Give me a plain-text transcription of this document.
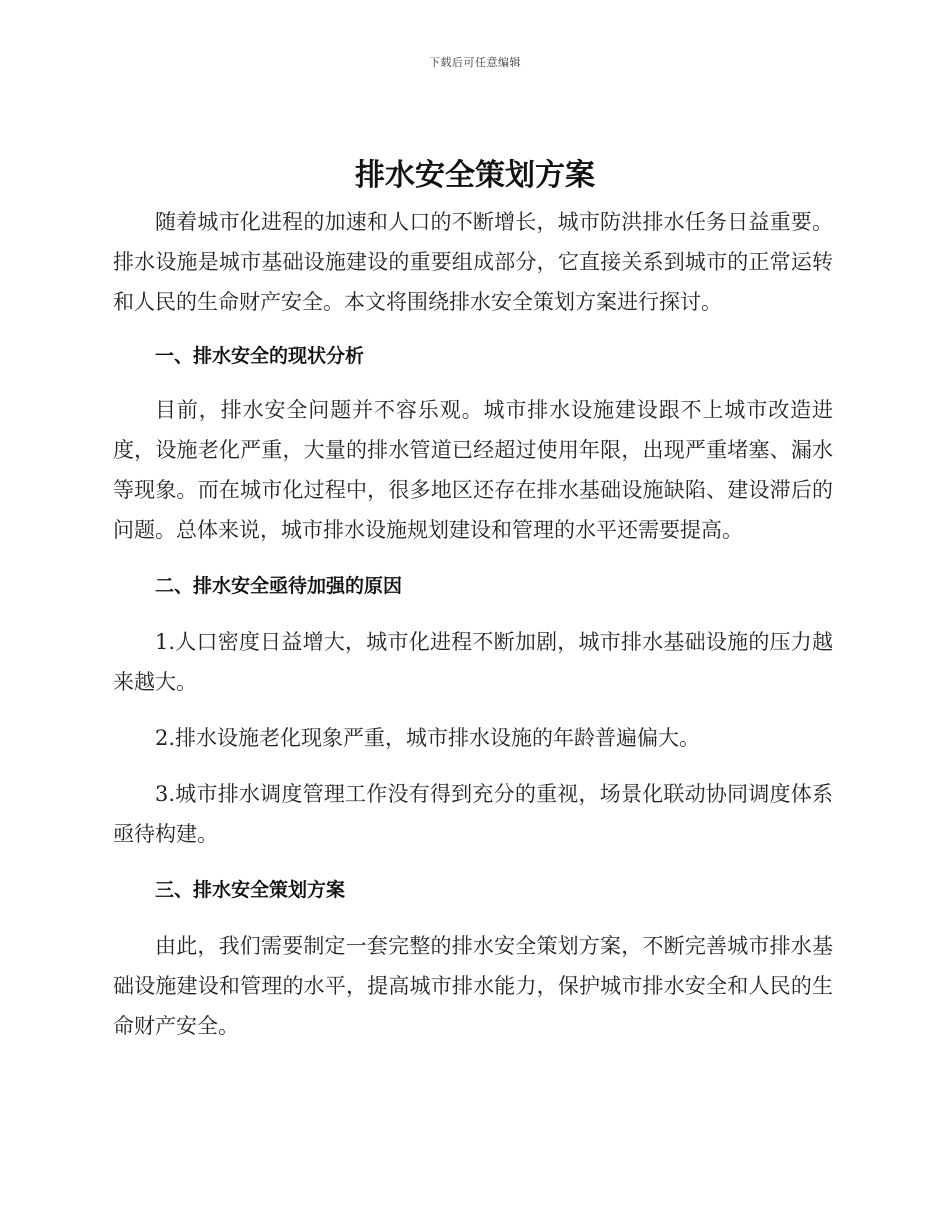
下载后可任意编辑
排水安全策划方案

随着城市化进程的加速和人口的不断增长，城市防洪排水任务日益重要。排水设施是城市基础设施建设的重要组成部分，它直接关系到城市的正常运转和人民的生命财产安全。本文将围绕排水安全策划方案进行探讨。

一、排水安全的现状分析

目前，排水安全问题并不容乐观。城市排水设施建设跟不上城市改造进度，设施老化严重，大量的排水管道已经超过使用年限，出现严重堵塞、漏水等现象。而在城市化过程中，很多地区还存在排水基础设施缺陷、建设滞后的问题。总体来说，城市排水设施规划建设和管理的水平还需要提高。

二、排水安全亟待加强的原因

1.人口密度日益增大，城市化进程不断加剧，城市排水基础设施的压力越来越大。

2.排水设施老化现象严重，城市排水设施的年龄普遍偏大。

3.城市排水调度管理工作没有得到充分的重视，场景化联动协同调度体系亟待构建。

三、排水安全策划方案

由此，我们需要制定一套完整的排水安全策划方案，不断完善城市排水基础设施建设和管理的水平，提高城市排水能力，保护城市排水安全和人民的生命财产安全。
